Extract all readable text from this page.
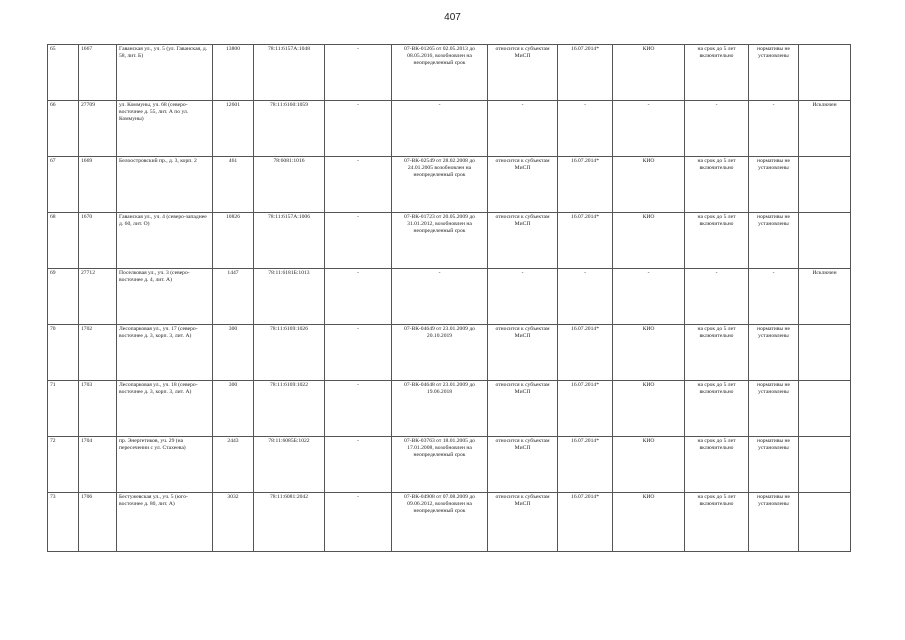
407
65	1667	Гаванская ул., уч. 5 (ул. Гаванская, д. 58, лит. Б)	13800	78:11:6157А:1048	-	07-ВК-01265 от 02.05.2013 до 08.05.2016, возобновлен на неопределенный срок	относится к субъектам МиСП	16.07.2014*	КИО	на срок до 5 лет включительно	нормативы не установлены	
66	27709	ул. Коммуны, уч. 68 (северо-восточнее д. 55, лит. А по ул. Коммуны)	12601	78:11:6160:1059	-	-	-	-	-	-	-	Исключен
67	1669	Белоостровский пр., д. 3, корп. 2	461	78:6081:1016	-	07-ВК-02549 от 28.02.2008 до 24.01.2005 возобновлен на неопределенный срок	относится к субъектам МиСП	16.07.2014*	КИО	на срок до 5 лет включительно	нормативы не установлены	
68	1670	Гаванская ул., уч. 4 (северо-западнее д. 60, лит. О)	10826	78:11:6157А:1006	-	07-ВК-01723 от 20.05.2009 до 31.01.2012, возобновлен на неопределенный срок	относится к субъектам МиСП	16.07.2014*	КИО	на срок до 5 лет включительно	нормативы не установлены	
69	27712	Поселковая ул., уч. 3 (северо-восточнее д. 4, лит. А)	1447	78:11:6181Б:1013	-	-	-	-	-	-	-	Исключен
70	1702	Лесопарковая ул., уч. 17 (северо-восточнее д. 3, корп. 3, лит. А)	300	78:11:6169:1026	-	07-ВК-04649 от 23.01.2009 до 20.10.2019	относится к субъектам МиСП	16.07.2014*	КИО	на срок до 5 лет включительно	нормативы не установлены	
71	1703	Лесопарковая ул., уч. 18 (северо-восточнее д. 3, корп. 3, лит. А)	300	78:11:6169:1022	-	07-ВК-04648 от 23.01.2009 до 19.06.2018	относится к субъектам МиСП	16.07.2014*	КИО	на срок до 5 лет включительно	нормативы не установлены	
72	1704	пр. Энергетиков, уч. 29 (на пересечении с ул. Стахеева)	2443	78:11:6085Б:1022	-	07-ВК-03763 от 18.01.2005 до 17.01.2008, возобновлен на неопределенный срок	относится к субъектам МиСП	16.07.2014*	КИО	на срок до 5 лет включительно	нормативы не установлены	
73	1706	Бестужевская ул., уч. 5 (юго-восточнее д. 80, лит. А)	3032	78:11:6081:2042	-	07-ВК-04908 от 07.08.2009 до 09.06.2012, возобновлен на неопределенный срок	относится к субъектам МиСП	16.07.2014*	КИО	на срок до 5 лет включительно	нормативы не установлены	
